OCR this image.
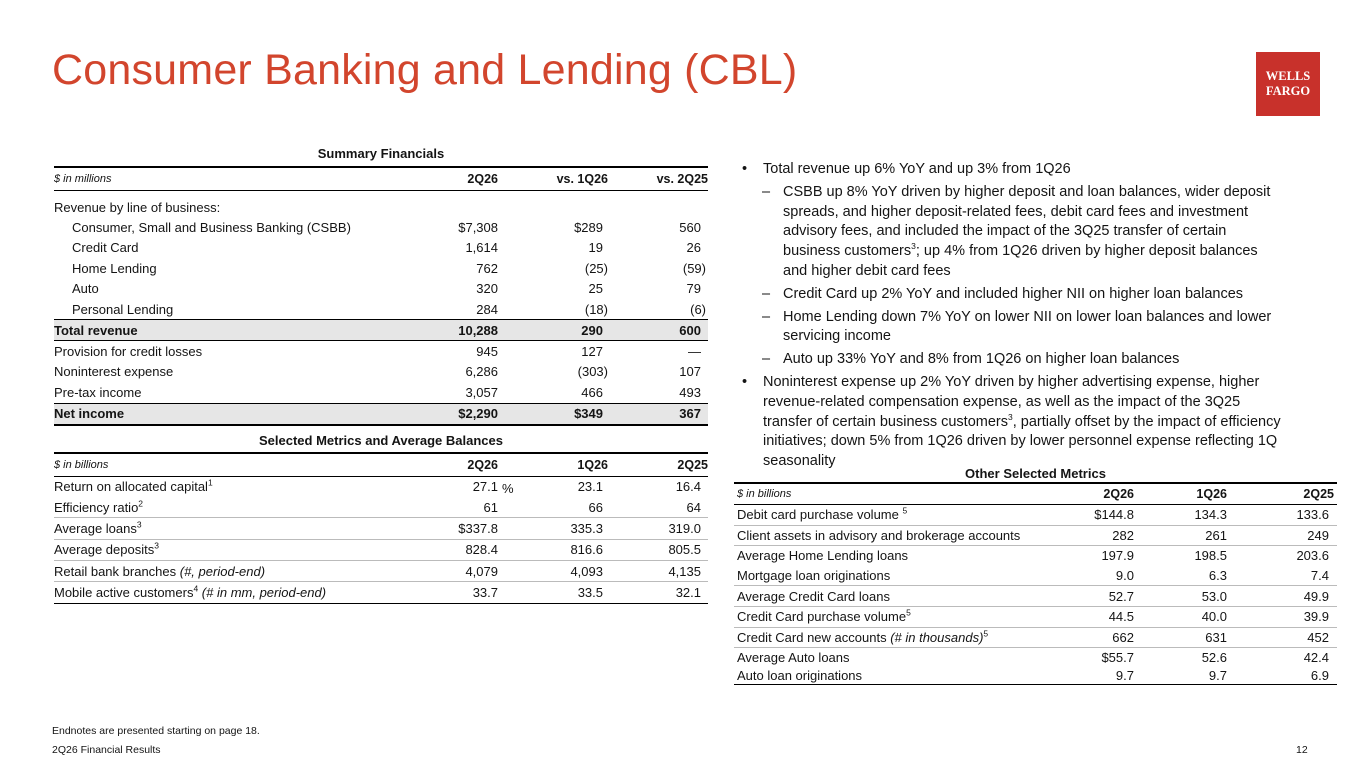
Consumer Banking and Lending (CBL)	WELLS
FARGO
Summary Financials
$ in millions	2Q26	vs. 1Q26	vs. 2Q25

Revenue by line of business:			
Consumer, Small and Business Banking (CSBB)	$7,308	$289	560
Credit Card	1,614	19	26
Home Lending	762	(25)	(59)
Auto	320	25	79
Personal Lending	284	(18)	(6)
Total revenue	10,288	290	600
Provision for credit losses	945	127	—
Noninterest expense	6,286	(303)	107
Pre-tax income	3,057	466	493
Net income	$2,290	$349	367
Selected Metrics and Average Balances
$ in billions	2Q26	1Q26	2Q25
Return on allocated capital$^1$	27.1 %	23.1	16.4
Efficiency ratio$^2$	61	66	64
Average loans$^3$	$337.8	335.3	319.0
Average deposits$^3$	828.4	816.6	805.5
Retail bank branches (#, period-end)	4,079	4,093	4,135
Mobile active customers$^4$ (# in mm, period-end)	33.7	33.5	32.1
• Total revenue up 6% YoY and up 3% from 1Q26
– CSBB up 8% YoY driven by higher deposit and loan balances, wider deposit spreads, and higher deposit-related fees, debit card fees and investment advisory fees, and included the impact of the 3Q25 transfer of certain business customers$^3$; up 4% from 1Q26 driven by higher deposit balances and higher debit card fees
– Credit Card up 2% YoY and included higher NII on higher loan balances
– Home Lending down 7% YoY on lower NII on lower loan balances and lower servicing income
– Auto up 33% YoY and 8% from 1Q26 on higher loan balances
• Noninterest expense up 2% YoY driven by higher advertising expense, higher revenue-related compensation expense, as well as the impact of the 3Q25 transfer of certain business customers$^3$, partially offset by the impact of efficiency initiatives; down 5% from 1Q26 driven by lower personnel expense reflecting 1Q seasonality
Other Selected Metrics
$ in billions	2Q26	1Q26	2Q25
Debit card purchase volume $^5$	$144.8	134.3	133.6
Client assets in advisory and brokerage accounts	282	261	249
Average Home Lending loans	197.9	198.5	203.6
Mortgage loan originations	9.0	6.3	7.4
Average Credit Card loans	52.7	53.0	49.9
Credit Card purchase volume$^5$	44.5	40.0	39.9
Credit Card new accounts (# in thousands)$^5$	662	631	452
Average Auto loans	$55.7	52.6	42.4
Auto loan originations	9.7	9.7	6.9
Endnotes are presented starting on page 18.
2Q26 Financial Results	12
